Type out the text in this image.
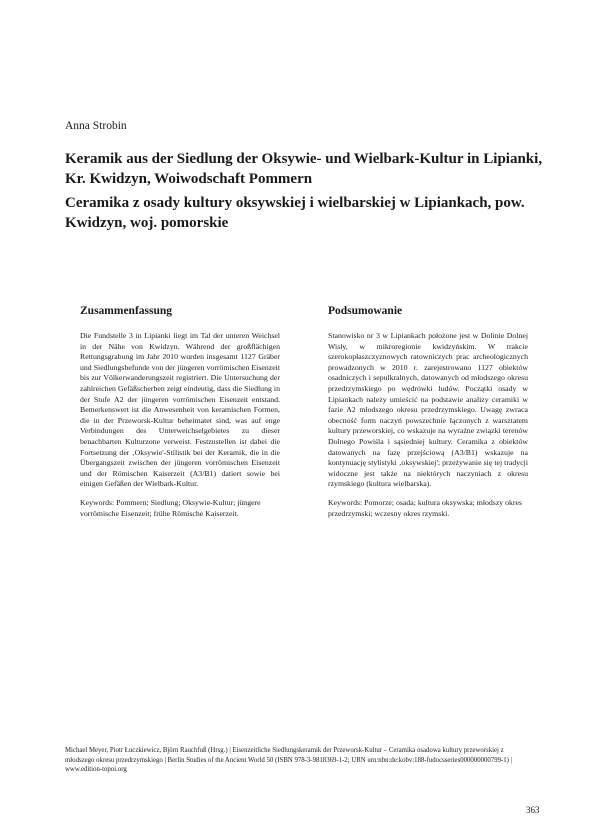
Anna Strobin

Keramik aus der Siedlung der Oksywie- und Wielbark-Kultur in Lipianki, Kr. Kwidzyn, Woiwodschaft Pommern
Ceramika z osady kultury oksywskiej i wielbarskiej w Lipiankach, pow. Kwidzyn, woj. pomorskie
Zusammenfassung

Die Fundstelle 3 in Lipianki liegt im Tal der unteren Weichsel in der Nähe von Kwidzyn. Während der großflächigen Rettungsgrabung im Jahr 2010 wurden insgesamt 1127 Gräber und Siedlungsbefunde von der jüngeren vorrömischen Eisenzeit bis zur Völkerwanderungszeit registriert. Die Untersuchung der zahlreichen Gefäßscherben zeigt eindeutig, dass die Siedlung in der Stufe A2 der jüngeren vorrömischen Eisenzeit entstand. Bemerkenswert ist die Anwesenheit von keramischen Formen, die in der Przeworsk-Kultur beheimatet sind, was auf enge Verbindungen des Unterweichselgebietes zu dieser benachbarten Kulturzone verweist. Festzustellen ist dabei die Fortsetzung der ‚Oksywie'-Stilistik bei der Keramik, die in die Übergangszeit zwischen der jüngeren vorrömischen Eisenzeit und der Römischen Kaiserzeit (A3/B1) datiert sowie bei einigen Gefäßen der Wielbark-Kultur.

Keywords: Pommern; Siedlung; Oksywie-Kultur; jüngere vorrömische Eisenzeit; frühe Römische Kaiserzeit.

Podsumowanie

Stanowisko nr 3 w Lipiankach położone jest w Dolinie Dolnej Wisły, w mikroregionie kwidzyńskim. W trakcie szerokopłaszczyznowych ratowniczych prac archeologicznych prowadzonych w 2010 r. zarejestrowano 1127 obiektów osadniczych i sepulkralnych, datowanych od młodszego okresu przedrzymskiego po wędrówki ludów. Początki osady w Lipiankach należy umieścić na podstawie analizy ceramiki w fazie A2 młodszego okresu przedrzymskiego. Uwagę zwraca obecność form naczyń powszechnie łączonych z warsztatem kultury przeworskiej, co wskazuje na wyraźne związki terenów Dolnego Powiśla i sąsiedniej kultury. Ceramika z obiektów datowanych na fazę przejściową (A3/B1) wskazuje na kontynuację stylistyki ‚oksywskiej'; przeżywanie się tej tradycji widoczne jest także na niektórych naczyniach z okresu rzymskiego (kultura wielbarska).

Keywords: Pomorze; osada; kultura oksywska; młodszy okres przedrzymski; wczesny okres rzymski.

Michael Meyer, Piotr Łuczkiewicz, Björn Rauchfuß (Hrsg.) | Eisenzeitliche Siedlungskeramik der Przeworsk-Kultur – Ceramika osadowa kultury przeworskiej z młodszego okresu przedrzymskiego | Berlin Studies of the Ancient World 50 (ISBN 978-3-9818369-1-2; URN urn:nbn:de:kobv:188-fudocsseries000000000799-1) | www.edition-topoi.org

363
